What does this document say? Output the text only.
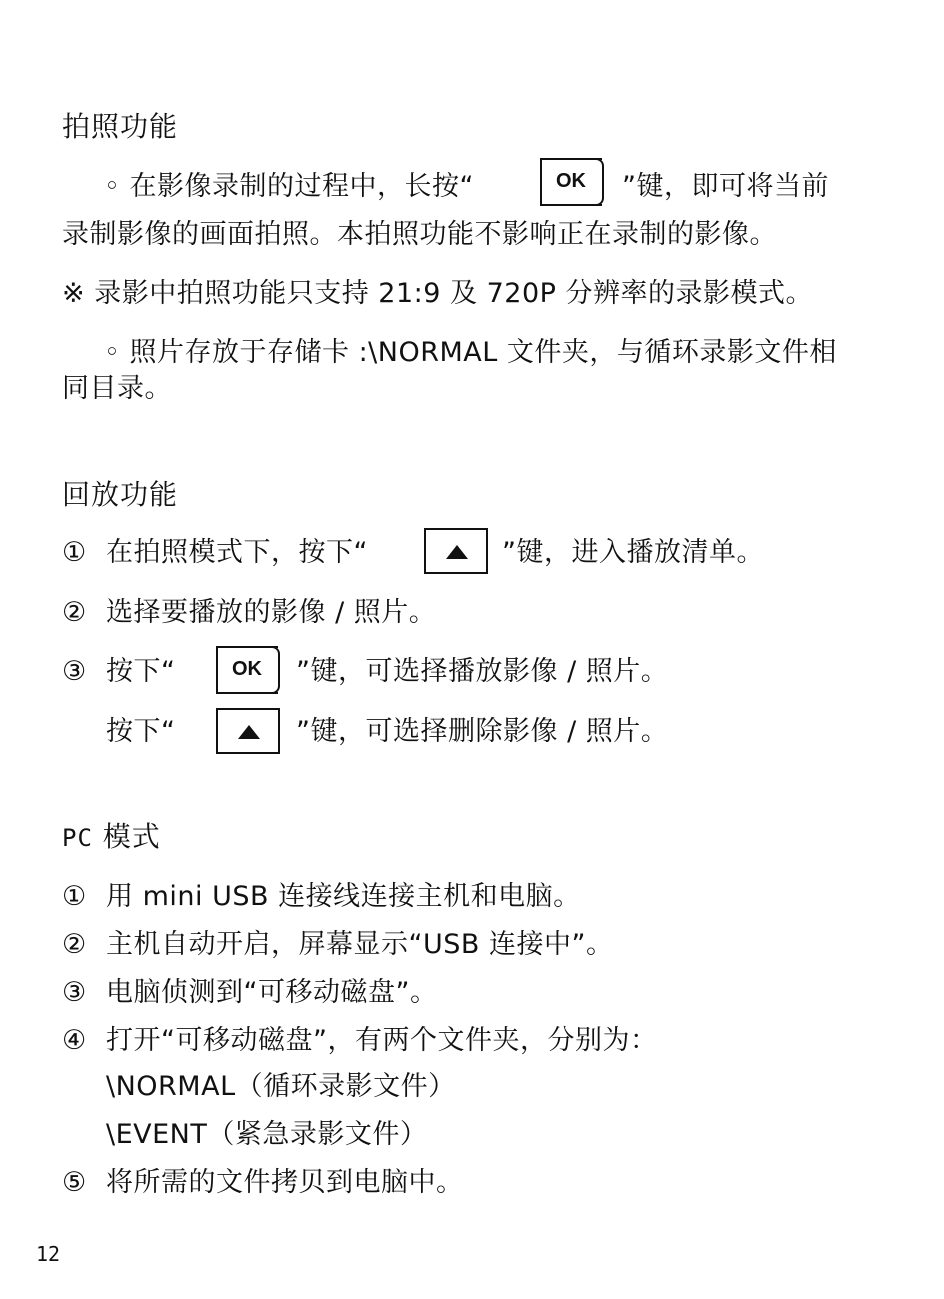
拍照功能
◦ 在影像录制的过程中，长按“	OK ”键，即可将当前
录制影像的画面拍照。本拍照功能不影响正在录制的影像。
※ 录影中拍照功能只支持 21:9 及 720P 分辨率的录影模式。
◦ 照片存放于存储卡 :\NORMAL 文件夹，与循环录影文件相
同目录。
回放功能
① 在拍照模式下，按下“	”键，进入播放清单。
② 选择要播放的影像 / 照片。
③ 按下“	OK ”键，可选择播放影像 / 照片。
按下“	”键，可选择删除影像 / 照片。
PC 模式
① 用 mini USB 连接线连接主机和电脑。
② 主机自动开启，屏幕显示“USB 连接中”。
③ 电脑侦测到“可移动磁盘”。
④ 打开“可移动磁盘”，有两个文件夹，分别为：
\NORMAL（循环录影文件）
\EVENT（紧急录影文件）
⑤ 将所需的文件拷贝到电脑中。
12
